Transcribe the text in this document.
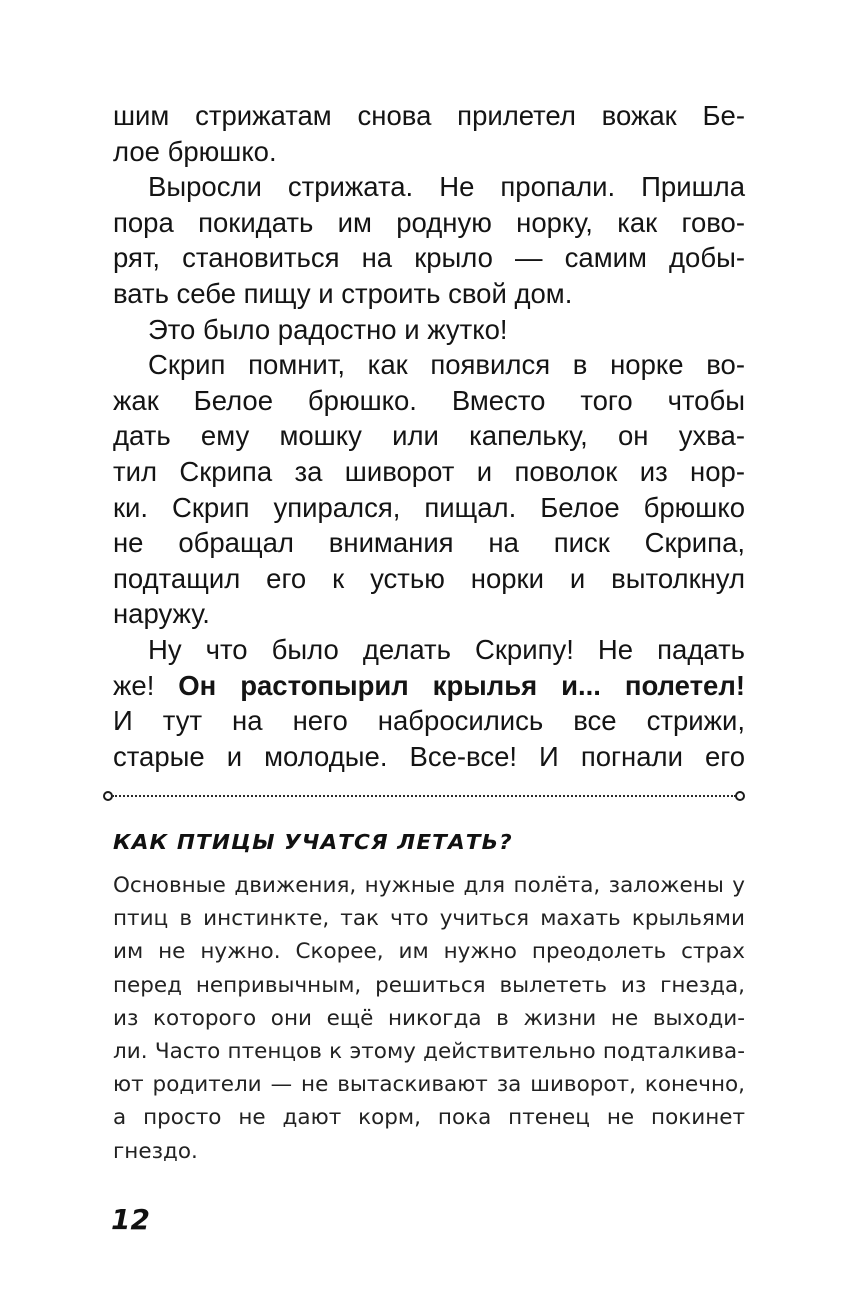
шим стрижатам снова прилетел вожак Бе-
лое брюшко.
Выросли стрижата. Не пропали. Пришла
пора покидать им родную норку, как гово-
рят, становиться на крыло — самим добы-
вать себе пищу и строить свой дом.
Это было радостно и жутко!
Скрип помнит, как появился в норке во-
жак Белое брюшко. Вместо того чтобы
дать ему мошку или капельку, он ухва-
тил Скрипа за шиворот и поволок из нор-
ки. Скрип упирался, пищал. Белое брюшко
не обращал внимания на писк Скрипа,
подтащил его к устью норки и вытолкнул
наружу.
Ну что было делать Скрипу! Не падать
же! Он растопырил крылья и... полетел!
И тут на него набросились все стрижи,
старые и молодые. Все-все! И погнали его
КАК ПТИЦЫ УЧАТСЯ ЛЕТАТЬ?
Основные движения, нужные для полёта, заложены у
птиц в инстинкте, так что учиться махать крыльями
им не нужно. Скорее, им нужно преодолеть страх
перед непривычным, решиться вылететь из гнезда,
из которого они ещё никогда в жизни не выходи-
ли. Часто птенцов к этому действительно подталкива-
ют родители — не вытаскивают за шиворот, конечно,
а просто не дают корм, пока птенец не покинет
гнездо.
12
